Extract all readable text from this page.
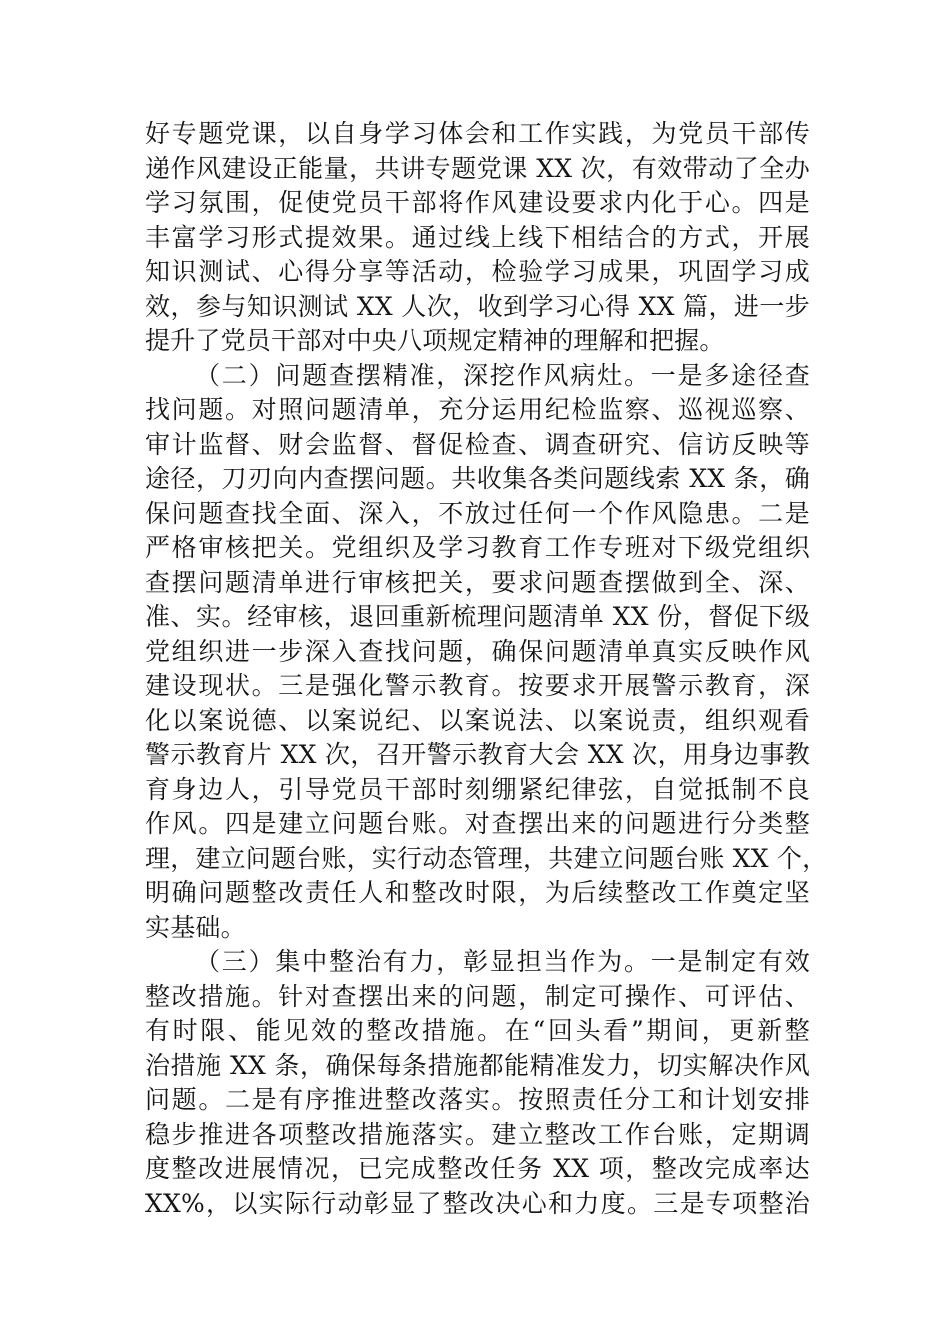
好专题党课，以自身学习体会和工作实践，为党员干部传
递作风建设正能量，共讲专题党课 XX 次，有效带动了全办
学习氛围，促使党员干部将作风建设要求内化于心。四是
丰富学习形式提效果。通过线上线下相结合的方式，开展
知识测试、心得分享等活动，检验学习成果，巩固学习成
效，参与知识测试 XX 人次，收到学习心得 XX 篇，进一步
提升了党员干部对中央八项规定精神的理解和把握。
（二）问题查摆精准，深挖作风病灶。一是多途径查
找问题。对照问题清单，充分运用纪检监察、巡视巡察、
审计监督、财会监督、督促检查、调查研究、信访反映等
途径，刀刃向内查摆问题。共收集各类问题线索 XX 条，确
保问题查找全面、深入，不放过任何一个作风隐患。二是
严格审核把关。党组织及学习教育工作专班对下级党组织
查摆问题清单进行审核把关，要求问题查摆做到全、深、
准、实。经审核，退回重新梳理问题清单 XX 份，督促下级
党组织进一步深入查找问题，确保问题清单真实反映作风
建设现状。三是强化警示教育。按要求开展警示教育，深
化以案说德、以案说纪、以案说法、以案说责，组织观看
警示教育片 XX 次，召开警示教育大会 XX 次，用身边事教
育身边人，引导党员干部时刻绷紧纪律弦，自觉抵制不良
作风。四是建立问题台账。对查摆出来的问题进行分类整
理，建立问题台账，实行动态管理，共建立问题台账 XX 个，
明确问题整改责任人和整改时限，为后续整改工作奠定坚
实基础。
（三）集中整治有力，彰显担当作为。一是制定有效
整改措施。针对查摆出来的问题，制定可操作、可评估、
有时限、能见效的整改措施。在“回头看”期间，更新整
治措施 XX 条，确保每条措施都能精准发力，切实解决作风
问题。二是有序推进整改落实。按照责任分工和计划安排
稳步推进各项整改措施落实。建立整改工作台账，定期调
度整改进展情况，已完成整改任务 XX 项，整改完成率达
XX%，以实际行动彰显了整改决心和力度。三是专项整治
